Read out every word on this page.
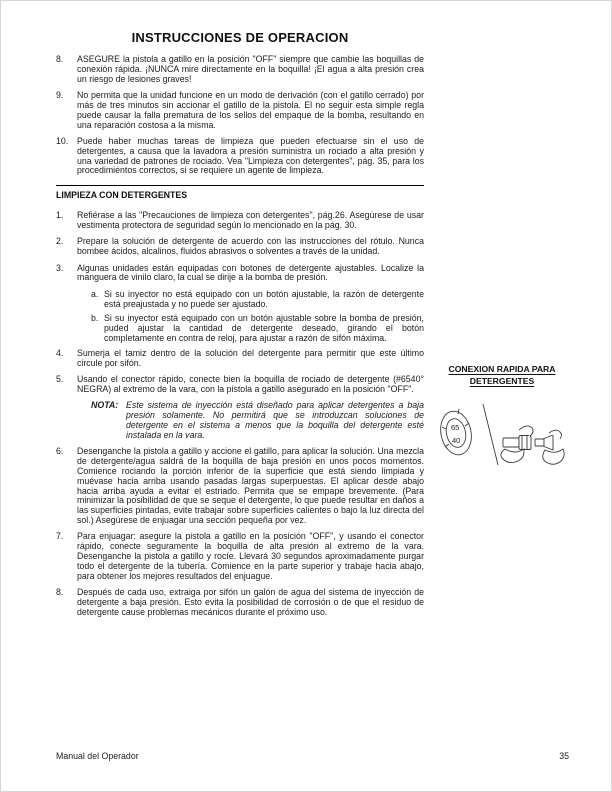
INSTRUCCIONES DE OPERACION
8.	ASEGURE la pistola a gatillo en la posición "OFF" siempre que cambie las boquillas de conexión rápida. ¡NUNCA mire directamente en la boquilla! ¡El agua a alta presión crea un riesgo de lesiones graves!
9.	No permita que la unidad funcione en un modo de derivación (con el gatillo cerrado) por más de tres minutos sin accionar el gatillo de la pistola. El no seguir esta simple regla puede causar la falla prematura de los sellos del empaque de la bomba, resultando en una reparación costosa a la misma.
10. Puede haber muchas tareas de limpieza que pueden efectuarse sin el uso de detergentes, a causa que la lavadora a presión suministra un rociado a alta presión y una variedad de patrones de rociado. Vea "Limpieza con detergentes", pág. 35, para los procedimientos correctos, si se requiere un agente de limpieza.
LIMPIEZA CON DETERGENTES
1.	Refiérase a las "Precauciones de limpieza con detergentes", pág.26. Asegúrese de usar vestimenta protectora de seguridad según lo mencionado en la pág. 30.
2.	Prepare la solución de detergente de acuerdo con las instrucciones del rótulo. Nunca bombee ácidos, alcalinos, fluidos abrasivos o solventes a través de la unidad.
3.	Algunas unidades están equipadas con botones de detergente ajustables. Localize la manguera de vinilo claro, la cual se dirije a la bomba de presión.
a. Si su inyector no está equipado con un botón ajustable, la razón de detergente está preajustada y no puede ser ajustado.
b. Si su inyector está equipado con un botón ajustable sobre la bomba de presión, puded ajustar la cantidad de detergente deseado, girando el botón completamente en contra de reloj, para ajustar a razón de sifón máxima.
4.	Sumerja el tamiz dentro de la solución del detergente para permitir que este último circule por sifón.
5.	Usando el conector rápido, conecte bien la boquilla de rociado de detergente (#6540° NEGRA) al extremo de la vara, con la pistola a gatillo asegurado en la posición "OFF".
NOTA: Este sistema de inyección está diseñado para aplicar detergentes a baja presión solamente. No permitirá que se introduzcan soluciones de detergente en el sistema a menos que la boquilla del detergente esté instalada en la vara.
6.	Desenganche la pistola a gatillo y accione el gatillo, para aplicar la solución. Una mezcla de detergente/agua saldrá de la boquilla de baja presión en unos pocos momentos. Comience rociando la porción inferior de la superficie que está siendo limpiada y muévase hacia arriba usando pasadas largas superpuestas. El aplicar desde abajo hacia arriba ayuda a evitar el estriado. Permita que se empape brevemente. (Para minimizar la posibilidad de que se seque el detergente, lo que puede resultar en daños a las superficies pintadas, evite trabajar sobre superficies calientes o bajo la luz directa del sol.) Asegúrese de enjuagar una sección pequeña por vez.
7.	Para enjuagar: asegure la pistola a gatillo en la posición "OFF", y usando el conector rápido, conecte seguramente la boquilla de alta presión al extremo de la vara. Desenganche la pistola a gatillo y rocíe. Llevará 30 segundos aproximadamente purgar todo el detergente de la tubería. Comience en la parte superior y trabaje hacia abajo, para obtener los mejores resultados del enjuague.
8.	Después de cada uso, extraiga por sifón un galón de agua del sistema de inyección de detergente a baja presión. Esto evita la posibilidad de corrosión o de que el residuo de detergente cause problemas mecánicos durante el próximo uso.
CONEXION RAPIDA PARA DETERGENTES
65
40
Manual del Operador	35
